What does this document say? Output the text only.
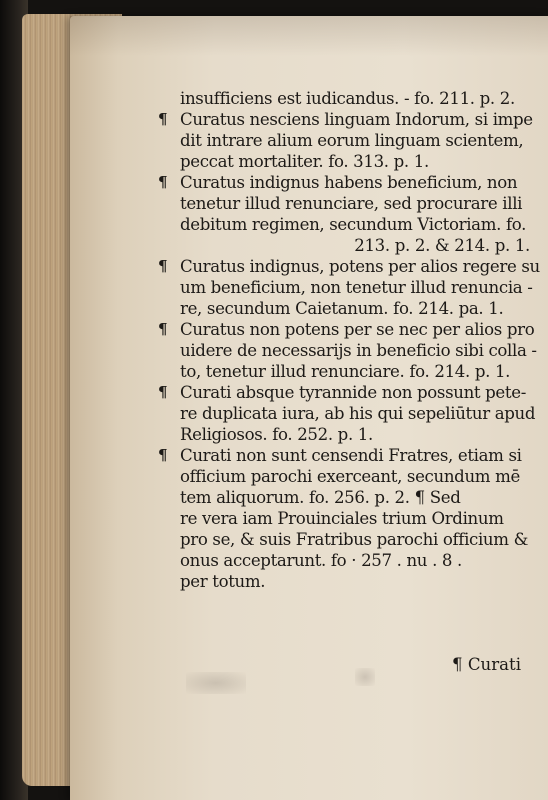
insufficiens est iudicandus. - fo. 211. p. 2.
¶ Curatus nesciens linguam Indorum, si impe
dit intrare alium eorum linguam scientem,
peccat mortaliter. fo. 313. p. 1.
¶ Curatus indignus habens beneficium, non
tenetur illud renunciare, sed procurare illi
debitum regimen, secundum Victoriam. fo.
213. p. 2. & 214. p. 1.
¶ Curatus indignus, potens per alios regere su
um beneficium, non tenetur illud renuncia -
re, secundum Caietanum. fo. 214. pa. 1.
¶ Curatus non potens per se nec per alios pro
uidere de necessarijs in beneficio sibi colla -
to, tenetur illud renunciare. fo. 214. p. 1.
¶ Curati absque tyrannide non possunt pete-
re duplicata iura, ab his qui sepeliūtur apud
Religiosos. fo. 252. p. 1.
¶ Curati non sunt censendi Fratres, etiam si
officium parochi exerceant, secundum mē
tem aliquorum. fo. 256. p. 2. ¶ Sed
re vera iam Prouinciales trium Ordinum
pro se, & suis Fratribus parochi officium &
onus acceptarunt. fo · 257 . nu . 8 .
per totum.
¶ Curati
